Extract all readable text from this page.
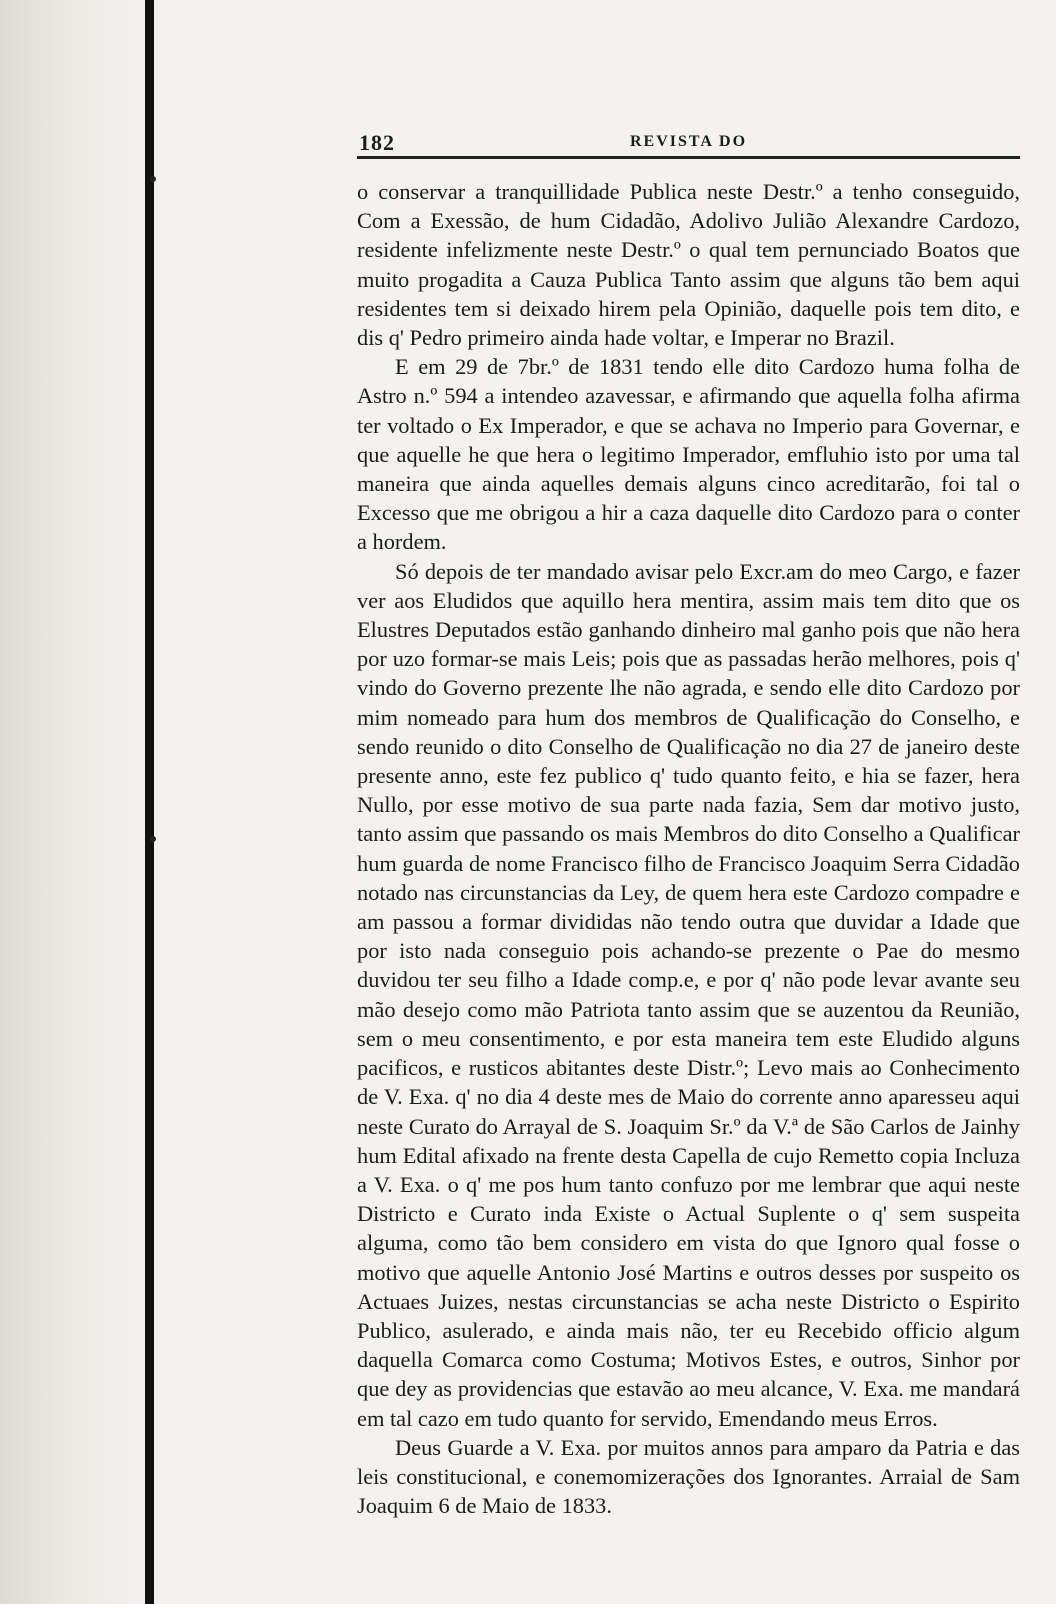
182	REVISTA DO

o conservar a tranquillidade Publica neste Destr.º a tenho conseguido, Com a Exessão, de hum Cidadão, Adolivo Julião Alexandre Cardozo, residente infelizmente neste Destr.º o qual tem pernunciado Boatos que muito progadita a Cauza Publica Tanto assim que alguns tão bem aqui residentes tem si deixado hirem pela Opinião, daquelle pois tem dito, e dis q' Pedro primeiro ainda hade voltar, e Imperar no Brazil.

E em 29 de 7br.º de 1831 tendo elle dito Cardozo huma folha de Astro n.º 594 a intendeo azavessar, e afirmando que aquella folha afirma ter voltado o Ex Imperador, e que se achava no Imperio para Governar, e que aquelle he que hera o legitimo Imperador, emfluhio isto por uma tal maneira que ainda aquelles demais alguns cinco acreditarão, foi tal o Excesso que me obrigou a hir a caza daquelle dito Cardozo para o conter a hordem.

Só depois de ter mandado avisar pelo Excr.am do meo Cargo, e fazer ver aos Eludidos que aquillo hera mentira, assim mais tem dito que os Elustres Deputados estão ganhando dinheiro mal ganho pois que não hera por uzo formar-se mais Leis; pois que as passadas herão melhores, pois q' vindo do Governo prezente lhe não agrada, e sendo elle dito Cardozo por mim nomeado para hum dos membros de Qualificação do Conselho, e sendo reunido o dito Conselho de Qualificação no dia 27 de janeiro deste presente anno, este fez publico q' tudo quanto feito, e hia se fazer, hera Nullo, por esse motivo de sua parte nada fazia, Sem dar motivo justo, tanto assim que passando os mais Membros do dito Conselho a Qualificar hum guarda de nome Francisco filho de Francisco Joaquim Serra Cidadão notado nas circunstancias da Ley, de quem hera este Cardozo compadre e am passou a formar divididas não tendo outra que duvidar a Idade que por isto nada conseguio pois achando-se prezente o Pae do mesmo duvidou ter seu filho a Idade comp.e, e por q' não pode levar avante seu mão desejo como mão Patriota tanto assim que se auzentou da Reunião, sem o meu consentimento, e por esta maneira tem este Eludido alguns pacificos, e rusticos abitantes deste Distr.º; Levo mais ao Conhecimento de V. Exa. q' no dia 4 deste mes de Maio do corrente anno aparesseu aqui neste Curato do Arrayal de S. Joaquim Sr.º da V.ª de São Carlos de Jainhy hum Edital afixado na frente desta Capella de cujo Remetto copia Incluza a V. Exa. o q' me pos hum tanto confuzo por me lembrar que aqui neste Districto e Curato inda Existe o Actual Suplente o q' sem suspeita alguma, como tão bem considero em vista do que Ignoro qual fosse o motivo que aquelle Antonio José Martins e outros desses por suspeito os Actuaes Juizes, nestas circunstancias se acha neste Districto o Espirito Publico, asulerado, e ainda mais não, ter eu Recebido officio algum daquella Comarca como Costuma; Motivos Estes, e outros, Sinhor por que dey as providencias que estavão ao meu alcance, V. Exa. me mandará em tal cazo em tudo quanto for servido, Emendando meus Erros.

Deus Guarde a V. Exa. por muitos annos para amparo da Patria e das leis constitucional, e conemomizerações dos Ignorantes. Arraial de Sam Joaquim 6 de Maio de 1833.
